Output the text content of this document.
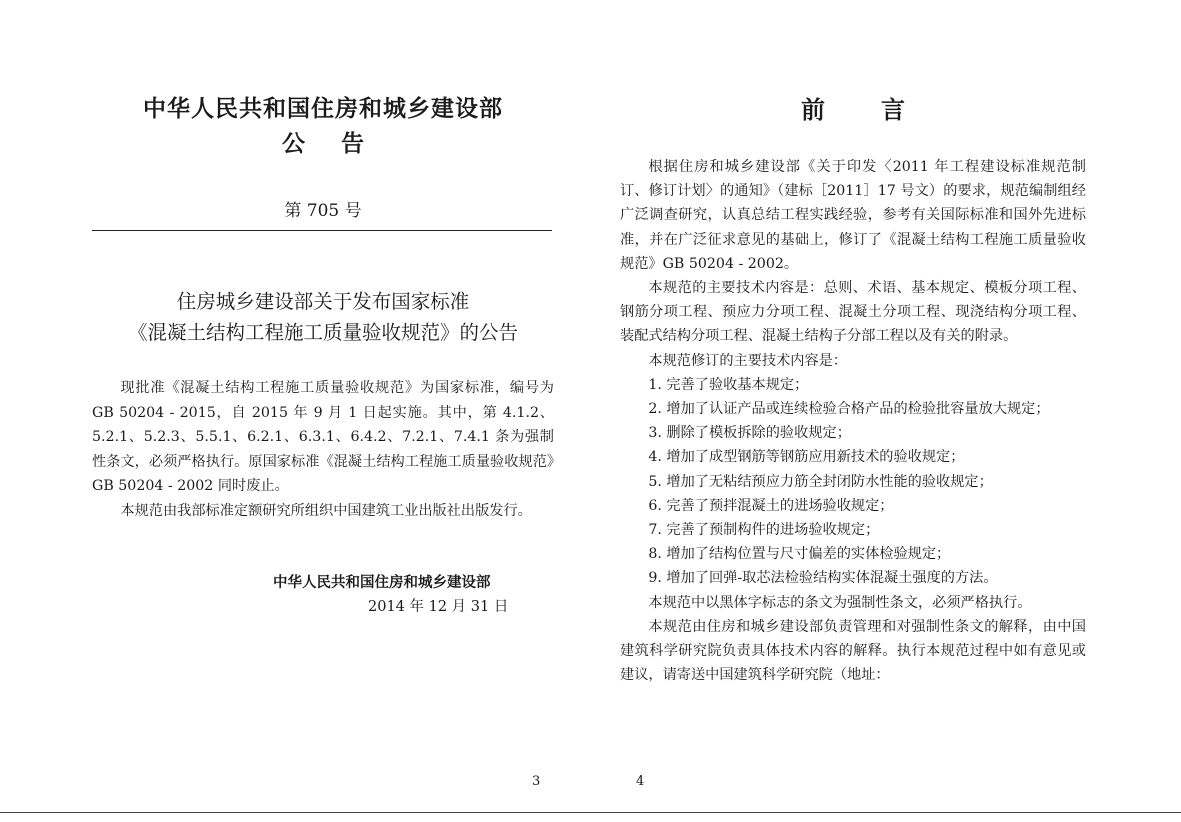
中华人民共和国住房和城乡建设部
公告
第 705 号
住房城乡建设部关于发布国家标准
《混凝土结构工程施工质量验收规范》的公告

现批准《混凝土结构工程施工质量验收规范》为国家标准，编号为 GB 50204 - 2015，自 2015 年 9 月 1 日起实施。其中，第 4.1.2、5.2.1、5.2.3、5.5.1、6.2.1、6.3.1、6.4.2、7.2.1、7.4.1 条为强制性条文，必须严格执行。原国家标准《混凝土结构工程施工质量验收规范》GB 50204 - 2002 同时废止。

本规范由我部标准定额研究所组织中国建筑工业出版社出版发行。

中华人民共和国住房和城乡建设部
2014 年 12 月 31 日
3
前言

根据住房和城乡建设部《关于印发〈2011 年工程建设标准规范制订、修订计划〉的通知》（建标［2011］17 号文）的要求，规范编制组经广泛调查研究，认真总结工程实践经验，参考有关国际标准和国外先进标准，并在广泛征求意见的基础上，修订了《混凝土结构工程施工质量验收规范》GB 50204 - 2002。

本规范的主要技术内容是：总则、术语、基本规定、模板分项工程、钢筋分项工程、预应力分项工程、混凝土分项工程、现浇结构分项工程、装配式结构分项工程、混凝土结构子分部工程以及有关的附录。

本规范修订的主要技术内容是：

1. 完善了验收基本规定；

2. 增加了认证产品或连续检验合格产品的检验批容量放大规定；

3. 删除了模板拆除的验收规定；

4. 增加了成型钢筋等钢筋应用新技术的验收规定；

5. 增加了无粘结预应力筋全封闭防水性能的验收规定；

6. 完善了预拌混凝土的进场验收规定；

7. 完善了预制构件的进场验收规定；

8. 增加了结构位置与尺寸偏差的实体检验规定；

9. 增加了回弹-取芯法检验结构实体混凝土强度的方法。

本规范中以黑体字标志的条文为强制性条文，必须严格执行。

本规范由住房和城乡建设部负责管理和对强制性条文的解释，由中国建筑科学研究院负责具体技术内容的解释。执行本规范过程中如有意见或建议，请寄送中国建筑科学研究院（地址：

4
